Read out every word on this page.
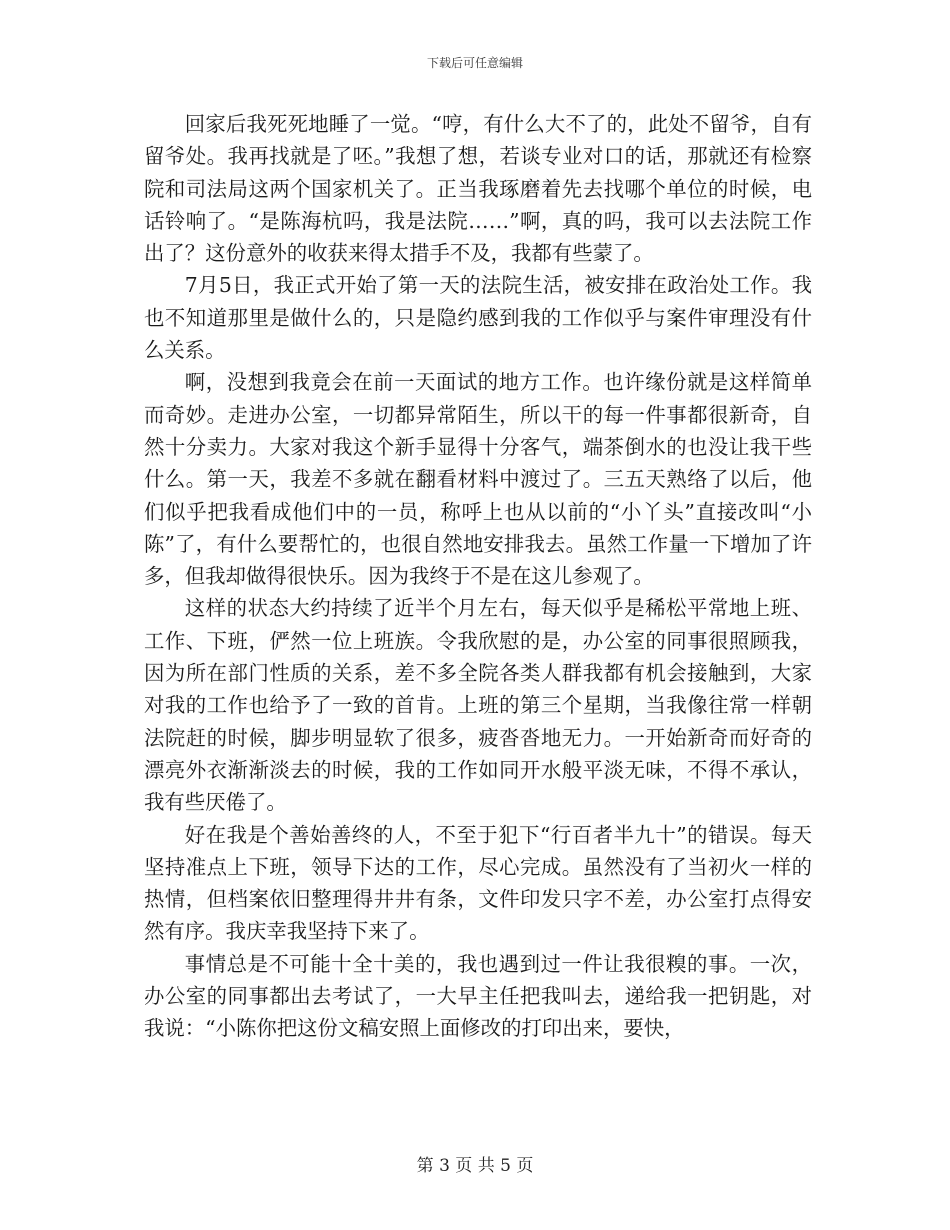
下载后可任意编辑

回家后我死死地睡了一觉。“哼，有什么大不了的，此处不留爷，自有留爷处。我再找就是了呸。”我想了想，若谈专业对口的话，那就还有检察院和司法局这两个国家机关了。正当我琢磨着先去找哪个单位的时候，电话铃响了。“是陈海杭吗，我是法院……”啊，真的吗，我可以去法院工作出了？这份意外的收获来得太措手不及，我都有些蒙了。

7月5日，我正式开始了第一天的法院生活，被安排在政治处工作。我也不知道那里是做什么的，只是隐约感到我的工作似乎与案件审理没有什么关系。

啊，没想到我竟会在前一天面试的地方工作。也许缘份就是这样简单而奇妙。走进办公室，一切都异常陌生，所以干的每一件事都很新奇，自然十分卖力。大家对我这个新手显得十分客气，端茶倒水的也没让我干些什么。第一天，我差不多就在翻看材料中渡过了。三五天熟络了以后，他们似乎把我看成他们中的一员，称呼上也从以前的“小丫头”直接改叫“小陈”了，有什么要帮忙的，也很自然地安排我去。虽然工作量一下增加了许多，但我却做得很快乐。因为我终于不是在这儿参观了。

这样的状态大约持续了近半个月左右，每天似乎是稀松平常地上班、工作、下班，俨然一位上班族。令我欣慰的是，办公室的同事很照顾我，因为所在部门性质的关系，差不多全院各类人群我都有机会接触到，大家对我的工作也给予了一致的首肯。上班的第三个星期，当我像往常一样朝法院赶的时候，脚步明显软了很多，疲沓沓地无力。一开始新奇而好奇的漂亮外衣渐渐淡去的时候，我的工作如同开水般平淡无味，不得不承认，我有些厌倦了。

好在我是个善始善终的人，不至于犯下“行百者半九十”的错误。每天坚持准点上下班，领导下达的工作，尽心完成。虽然没有了当初火一样的热情，但档案依旧整理得井井有条，文件印发只字不差，办公室打点得安然有序。我庆幸我坚持下来了。

事情总是不可能十全十美的，我也遇到过一件让我很糗的事。一次，办公室的同事都出去考试了，一大早主任把我叫去，递给我一把钥匙，对我说：“小陈你把这份文稿安照上面修改的打印出来，要快，

第 3 页 共 5 页
